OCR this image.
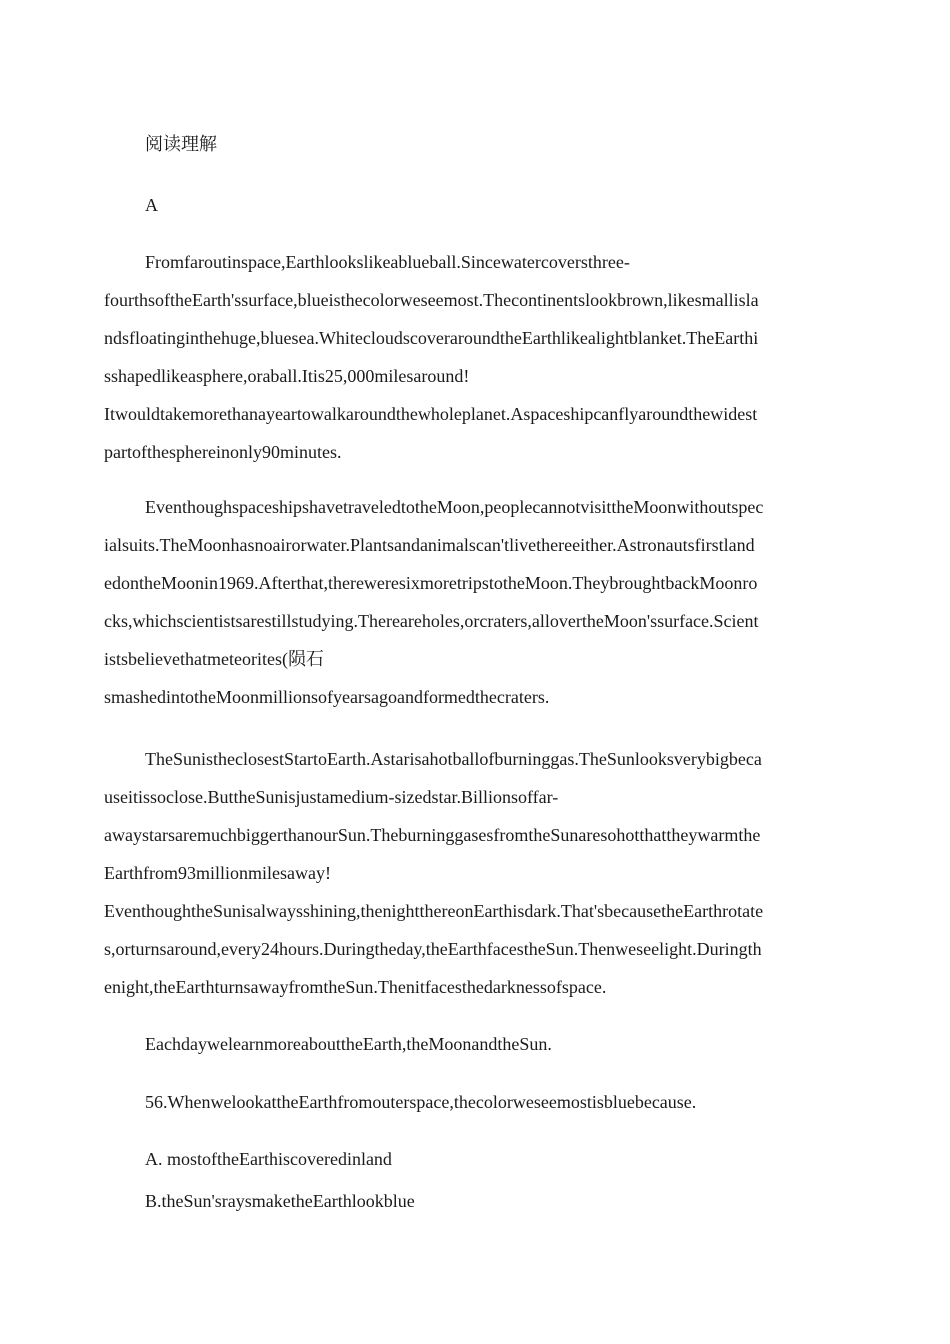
阅读理解
A
Fromfaroutinspace,Earthlookslikeablueball.Sincewatercoversthree-
fourthsoftheEarth'ssurface,blueisthecolorweseemost.Thecontinentslookbrown,likesmallisla
ndsfloatinginthehuge,bluesea.WhitecloudscoveraroundtheEarthlikealightblanket.TheEarthi
sshapedlikeasphere,oraball.Itis25,000milesaround!
Itwouldtakemorethanayeartowalkaroundthewholeplanet.Aspaceshipcanflyaroundthewidest
partofthesphereinonly90minutes.
EventhoughspaceshipshavetraveledtotheMoon,peoplecannotvisittheMoonwithoutspec
ialsuits.TheMoonhasnoairorwater.Plantsandanimalscan'tlivethereeither.Astronautsfirstland
edontheMoonin1969.Afterthat,thereweresixmoretripstotheMoon.TheybroughtbackMoonro
cks,whichscientistsarestillstudying.Thereareholes,orcraters,allovertheMoon'ssurface.Scient
istsbelievethatmeteorites(陨石
smashedintotheMoonmillionsofyearsagoandformedthecraters.
TheSunistheclosestStartoEarth.Astarisahotballofburninggas.TheSunlooksverybigbeca
useitissoclose.ButtheSunisjustamedium-sizedstar.Billionsoffar-
awaystarsaremuchbiggerthanourSun.TheburninggasesfromtheSunaresohotthattheywarmthe
Earthfrom93millionmilesaway!
EventhoughtheSunisalwaysshining,thenightthereonEarthisdark.That'sbecausetheEarthrotate
s,orturnsaround,every24hours.Duringtheday,theEarthfacestheSun.Thenweseelight.Duringth
enight,theEarthturnsawayfromtheSun.Thenitfacesthedarknessofspace.
EachdaywelearnmoreabouttheEarth,theMoonandtheSun.
56.WhenwelookattheEarthfromouterspace,thecolorweseemostisbluebecause.
A. mostoftheEarthiscoveredinland
B.theSun'sraysmaketheEarthlookblue
